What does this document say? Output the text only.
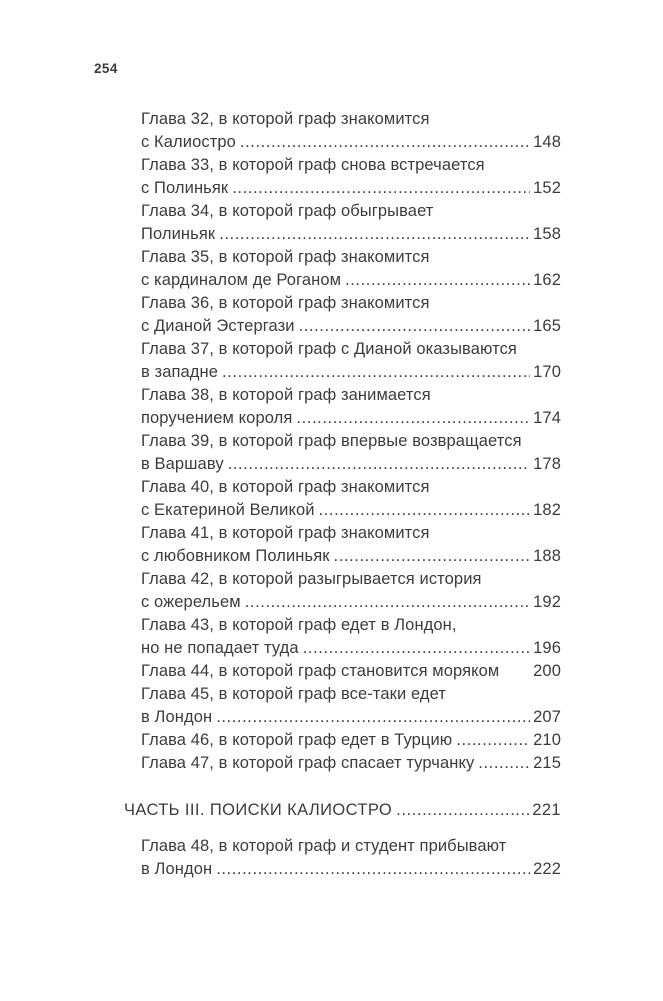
254
Глава 32, в которой граф знакомится
с Калиостро .....	148
Глава 33, в которой граф снова встречается
с Полиньяк .....	152
Глава 34, в которой граф обыгрывает
Полиньяк .....	158
Глава 35, в которой граф знакомится
с кардиналом де Роганом .....	162
Глава 36, в которой граф знакомится
с Дианой Эстергази .....	165
Глава 37, в которой граф с Дианой оказываются
в западне .....	170
Глава 38, в которой граф занимается
поручением короля .....	174
Глава 39, в которой граф впервые возвращается
в Варшаву .....	178
Глава 40, в которой граф знакомится
с Екатериной Великой .....	182
Глава 41, в которой граф знакомится
с любовником Полиньяк .....	188
Глава 42, в которой разыгрывается история
с ожерельем .....	192
Глава 43, в которой граф едет в Лондон,
но не попадает туда .....	196
Глава 44, в которой граф становится моряком 200
Глава 45, в которой граф все-таки едет
в Лондон .....	207
Глава 46, в которой граф едет в Турцию .....	210
Глава 47, в которой граф спасает турчанку .....	215
ЧАСТЬ III. ПОИСКИ КАЛИОСТРО .....	221
Глава 48, в которой граф и студент прибывают
в Лондон .....	222
